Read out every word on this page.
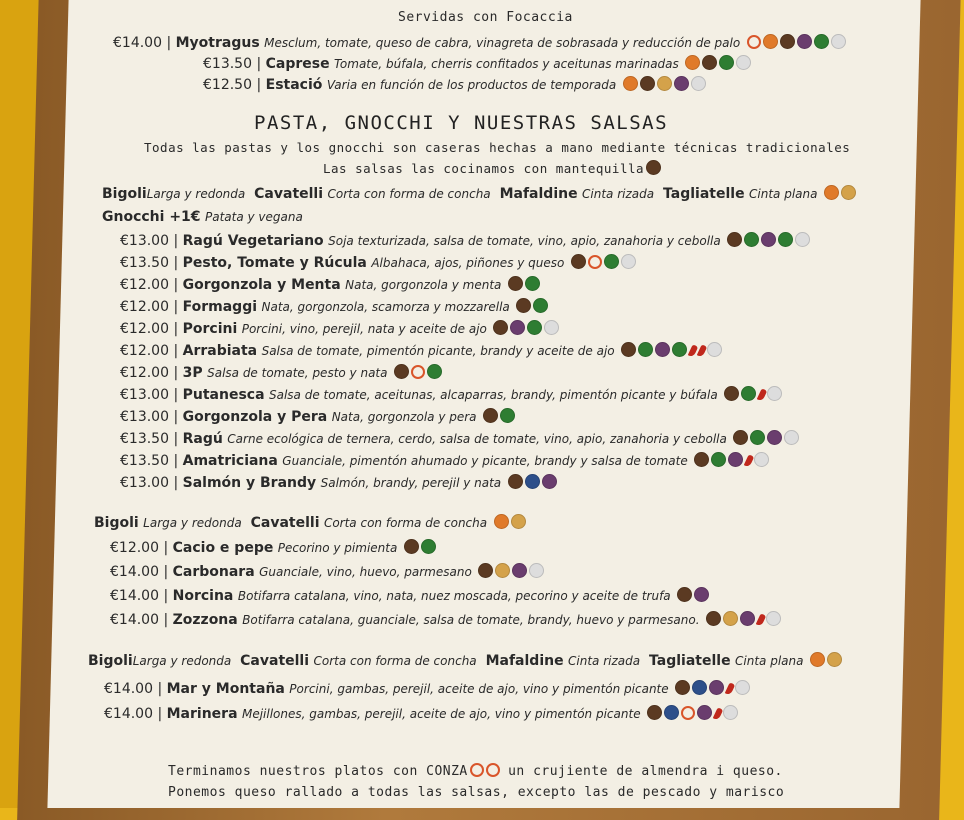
Servidas con Focaccia
€14.00 | Myotragus Mesclum, tomate, queso de cabra, vinagreta de sobrasada y reducción de palo
€13.50 | Caprese Tomate, búfala, cherris confitados y aceitunas marinadas
€12.50 | Estació Varia en función de los productos de temporada
PASTA, GNOCCHI Y NUESTRAS SALSAS
Todas las pastas y los gnocchi son caseras hechas a mano mediante técnicas tradicionales
Las salsas las cocinamos con mantequilla
BigoliLarga y redonda Cavatelli Corta con forma de concha Mafaldine Cinta rizada Tagliatelle Cinta plana
Gnocchi +1€ Patata y vegana
€13.00 | Ragú Vegetariano Soja texturizada, salsa de tomate, vino, apio, zanahoria y cebolla
€13.50 | Pesto, Tomate y Rúcula Albahaca, ajos, piñones y queso
€12.00 | Gorgonzola y Menta Nata, gorgonzola y menta
€12.00 | Formaggi Nata, gorgonzola, scamorza y mozzarella
€12.00 | Porcini Porcini, vino, perejil, nata y aceite de ajo
€12.00 | Arrabiata Salsa de tomate, pimentón picante, brandy y aceite de ajo
€12.00 | 3P Salsa de tomate, pesto y nata
€13.00 | Putanesca Salsa de tomate, aceitunas, alcaparras, brandy, pimentón picante y búfala
€13.00 | Gorgonzola y Pera Nata, gorgonzola y pera
€13.50 | Ragú Carne ecológica de ternera, cerdo, salsa de tomate, vino, apio, zanahoria y cebolla
€13.50 | Amatriciana Guanciale, pimentón ahumado y picante, brandy y salsa de tomate
€13.00 | Salmón y Brandy Salmón, brandy, perejil y nata
Bigoli Larga y redonda Cavatelli Corta con forma de concha
€12.00 | Cacio e pepe Pecorino y pimienta
€14.00 | Carbonara Guanciale, vino, huevo, parmesano
€14.00 | Norcina Botifarra catalana, vino, nata, nuez moscada, pecorino y aceite de trufa
€14.00 | Zozzona Botifarra catalana, guanciale, salsa de tomate, brandy, huevo y parmesano.
BigoliLarga y redonda Cavatelli Corta con forma de concha Mafaldine Cinta rizada Tagliatelle Cinta plana
€14.00 | Mar y Montaña Porcini, gambas, perejil, aceite de ajo, vino y pimentón picante
€14.00 | Marinera Mejillones, gambas, perejil, aceite de ajo, vino y pimentón picante
Terminamos nuestros platos con CONZA	un crujiente de almendra i queso.
Ponemos queso rallado a todas las salsas, excepto las de pescado y marisco
